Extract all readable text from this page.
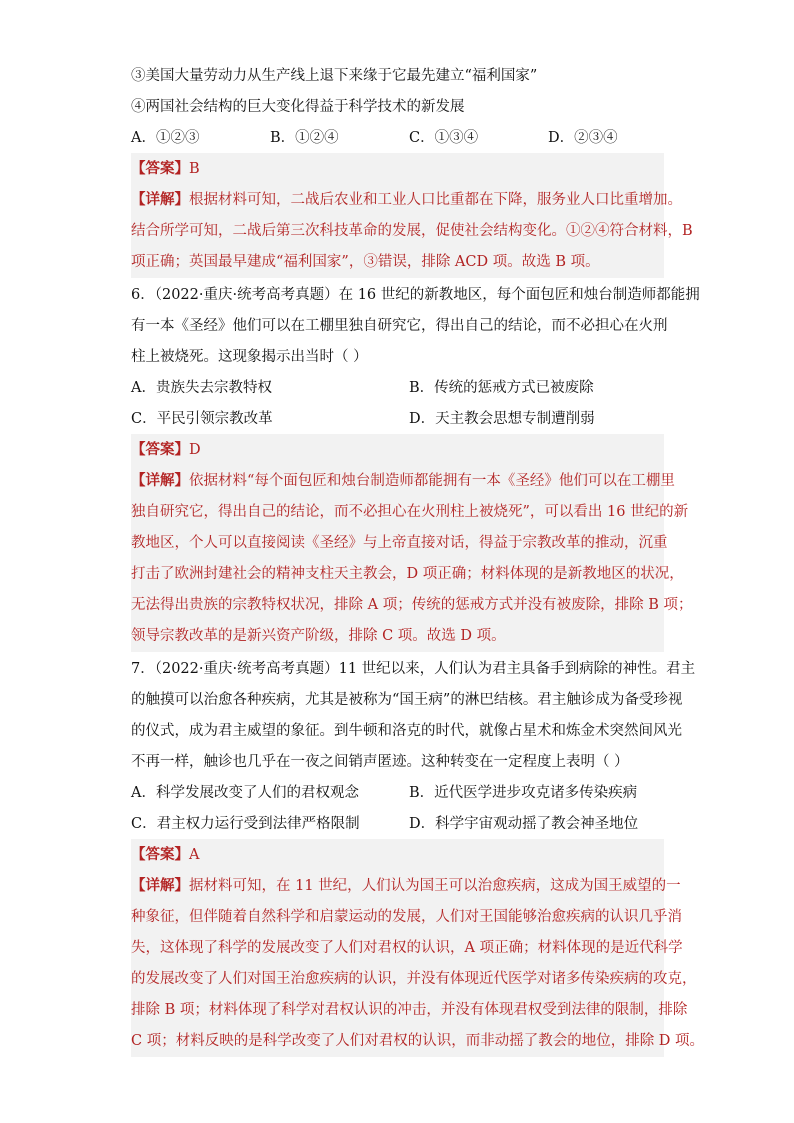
③美国大量劳动力从生产线上退下来缘于它最先建立“福利国家”
④两国社会结构的巨大变化得益于科学技术的新发展
A．①②③	B．①②④	C．①③④	D．②③④
【答案】B
【详解】根据材料可知，二战后农业和工业人口比重都在下降，服务业人口比重增加。
结合所学可知，二战后第三次科技革命的发展，促使社会结构变化。①②④符合材料，B
项正确；英国最早建成“福利国家”，③错误，排除 ACD 项。故选 B 项。
6．（2022·重庆·统考高考真题）在 16 世纪的新教地区，每个面包匠和烛台制造师都能拥
有一本《圣经》他们可以在工棚里独自研究它，得出自己的结论，而不必担心在火刑
柱上被烧死。这现象揭示出当时（ ）
A．贵族失去宗教特权	B．传统的惩戒方式已被废除
C．平民引领宗教改革	D．天主教会思想专制遭削弱
【答案】D
【详解】依据材料“每个面包匠和烛台制造师都能拥有一本《圣经》他们可以在工棚里
独自研究它，得出自己的结论，而不必担心在火刑柱上被烧死”，可以看出 16 世纪的新
教地区，个人可以直接阅读《圣经》与上帝直接对话，得益于宗教改革的推动，沉重
打击了欧洲封建社会的精神支柱天主教会，D 项正确；材料体现的是新教地区的状况，
无法得出贵族的宗教特权状况，排除 A 项；传统的惩戒方式并没有被废除，排除 B 项；
领导宗教改革的是新兴资产阶级，排除 C 项。故选 D 项。
7．（2022·重庆·统考高考真题）11 世纪以来，人们认为君主具备手到病除的神性。君主
的触摸可以治愈各种疾病，尤其是被称为“国王病”的淋巴结核。君主触诊成为备受珍视
的仪式，成为君主威望的象征。到牛顿和洛克的时代，就像占星术和炼金术突然间风光
不再一样，触诊也几乎在一夜之间销声匿迹。这种转变在一定程度上表明（ ）
A．科学发展改变了人们的君权观念	B．近代医学进步攻克诸多传染疾病
C．君主权力运行受到法律严格限制	D．科学宇宙观动摇了教会神圣地位
【答案】A
【详解】据材料可知，在 11 世纪，人们认为国王可以治愈疾病，这成为国王威望的一
种象征，但伴随着自然科学和启蒙运动的发展，人们对王国能够治愈疾病的认识几乎消
失，这体现了科学的发展改变了人们对君权的认识，A 项正确；材料体现的是近代科学
的发展改变了人们对国王治愈疾病的认识，并没有体现近代医学对诸多传染疾病的攻克，
排除 B 项；材料体现了科学对君权认识的冲击，并没有体现君权受到法律的限制，排除
C 项；材料反映的是科学改变了人们对君权的认识，而非动摇了教会的地位，排除 D 项。
